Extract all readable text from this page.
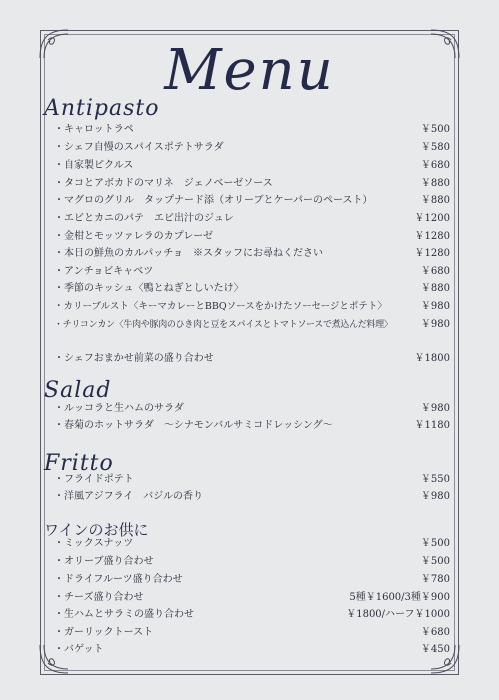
Menu
Antipasto
・キャロットラペ	￥500
・シェフ自慢のスパイスポテトサラダ	￥580
・自家製ピクルス	￥680
・タコとアボカドのマリネ　ジェノベーゼソース	￥880
・マグロのグリル　タップナード添（オリーブとケーパーのペースト）	￥880
・エビとカニのパテ　エビ出汁のジュレ	￥1200
・金柑とモッツァレラのカプレーゼ	￥1280
・本日の鮮魚のカルパッチョ　※スタッフにお尋ねください	￥1280
・アンチョビキャベツ	￥680
・季節のキッシュ〈鴨とねぎとしいたけ〉	￥880
・カリーブルスト〈キーマカレーとBBQソースをかけたソーセージとポテト〉	￥980
・チリコンカン〈牛肉や豚肉のひき肉と豆をスパイスとトマトソースで煮込んだ料理〉	￥980
・シェフおまかせ前菜の盛り合わせ	￥1800
Salad
・ルッコラと生ハムのサラダ	￥980
・春菊のホットサラダ　〜シナモンバルサミコドレッシング〜	￥1180
Fritto
・フライドポテト	￥550
・洋風アジフライ　バジルの香り	￥980
ワインのお供に
・ミックスナッツ	￥500
・オリーブ盛り合わせ	￥500
・ドライフルーツ盛り合わせ	￥780
・チーズ盛り合わせ	5種￥1600/3種￥900
・生ハムとサラミの盛り合わせ	￥1800/ハーフ￥1000
・ガーリックトースト	￥680
・バゲット	￥450
